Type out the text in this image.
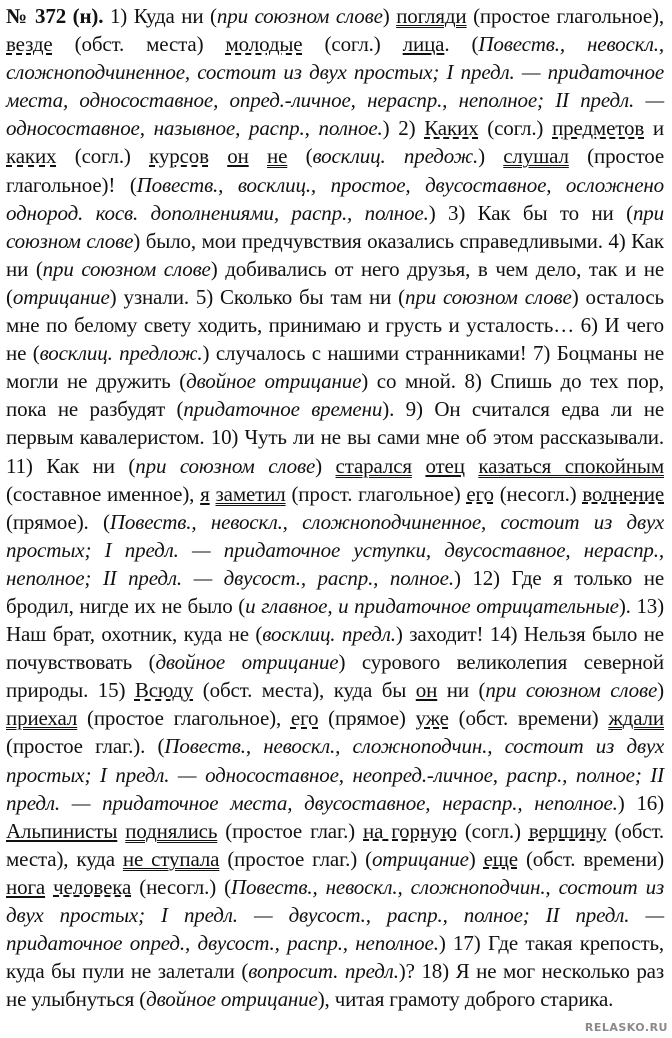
№ 372 (н). 1) Куда ни (при союзном слове) погляди (простое глагольное), везде (обст. места) молодые (согл.) лица. (Повеств., невоскл., сложноподчиненное, состоит из двух простых; I предл. — придаточное места, односоставное, опред.-личное, нераспр., неполное; II предл. — односоставное, назывное, распр., полное.) 2) Каких (согл.) предметов и каких (согл.) курсов он не (восклиц. предож.) слушал (простое глагольное)! (Повеств., восклиц., простое, двусоставное, осложнено однород. косв. дополнениями, распр., полное.) 3) Как бы то ни (при союзном слове) было, мои предчувствия оказались справедливыми. 4) Как ни (при союзном слове) добивались от него друзья, в чем дело, так и не (отрицание) узнали. 5) Сколько бы там ни (при союзном слове) осталось мне по белому свету ходить, принимаю и грусть и усталость… 6) И чего не (восклиц. предлож.) случалось с нашими странниками! 7) Боцманы не могли не дружить (двойное отрицание) со мной. 8) Спишь до тех пор, пока не разбудят (придаточное времени). 9) Он считался едва ли не первым кавалеристом. 10) Чуть ли не вы сами мне об этом рассказывали. 11) Как ни (при союзном слове) старался отец казаться спокойным (составное именное), я заметил (прост. глагольное) его (несогл.) волнение (прямое). (Повеств., невоскл., сложноподчиненное, состоит из двух простых; I предл. — придаточное уступки, двусоставное, нераспр., неполное; II предл. — двусост., распр., полное.) 12) Где я только не бродил, нигде их не было (и главное, и придаточное отрицательные). 13) Наш брат, охотник, куда не (восклиц. предл.) заходит! 14) Нельзя было не почувствовать (двойное отрицание) сурового великолепия северной природы. 15) Всюду (обст. места), куда бы он ни (при союзном слове) приехал (простое глагольное), его (прямое) уже (обст. времени) ждали (простое глаг.). (Повеств., невоскл., сложноподчин., состоит из двух простых; I предл. — односоставное, неопред.-личное, распр., полное; II предл. — придаточное места, двусоставное, нераспр., неполное.) 16) Альпинисты поднялись (простое глаг.) на горную (согл.) вершину (обст. места), куда не ступала (простое глаг.) (отрицание) еще (обст. времени) нога человека (несогл.) (Повеств., невоскл., сложноподчин., состоит из двух простых; I предл. — двусост., распр., полное; II предл. — придаточное опред., двусост., распр., неполное.) 17) Где такая крепость, куда бы пули не залетали (вопросит. предл.)? 18) Я не мог несколько раз не улыбнуться (двойное отрицание), читая грамоту доброго старика.
RELASKO.RU
